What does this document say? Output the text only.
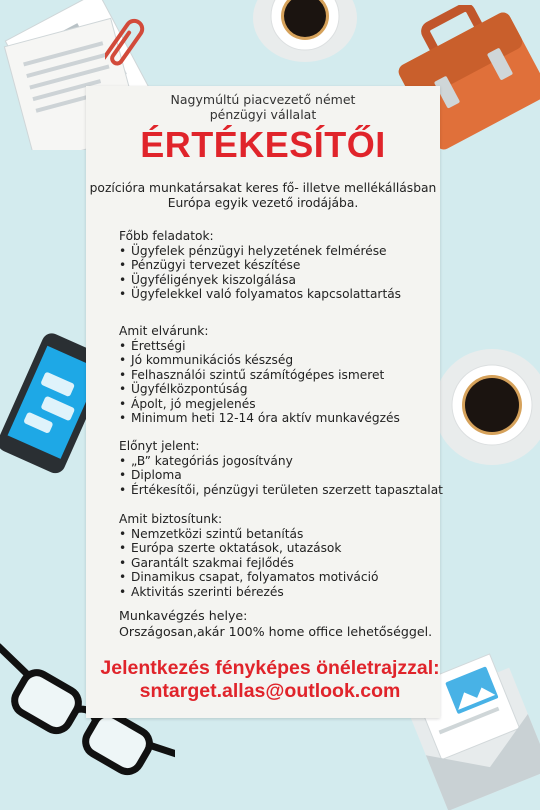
Nagymúltú piacvezető német
pénzügyi vállalat
ÉRTÉKESÍTŐI
pozícióra munkatársakat keres fő- illetve mellékállásban
Európa egyik vezető irodájába.
Főbb feladatok:
• Ügyfelek pénzügyi helyzetének felmérése
• Pénzügyi tervezet készítése
• Ügyféligények kiszolgálása
• Ügyfelekkel való folyamatos kapcsolattartás
Amit elvárunk:
• Érettségi
• Jó kommunikációs készség
• Felhasználói szintű számítógépes ismeret
• Ügyfélközpontúság
• Ápolt, jó megjelenés
• Minimum heti 12-14 óra aktív munkavégzés
Előnyt jelent:
• „B” kategóriás jogosítvány
• Diploma
• Értékesítői, pénzügyi területen szerzett tapasztalat
Amit biztosítunk:
• Nemzetközi szintű betanítás
• Európa szerte oktatások, utazások
• Garantált szakmai fejlődés
• Dinamikus csapat, folyamatos motiváció
• Aktivitás szerinti bérezés
Munkavégzés helye:
Országosan,akár 100% home office lehetőséggel.
Jelentkezés fényképes önéletrajzzal:
sntarget.allas@outlook.com
